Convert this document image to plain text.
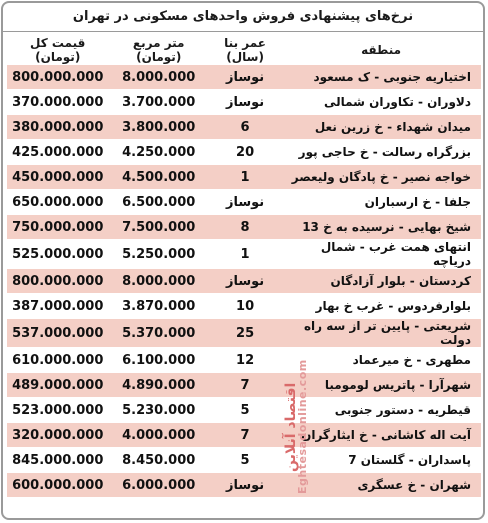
نرخ‌های پیشنهادی فروش واحدهای مسکونی در تهران
قیمت کل (تومان)	متر مربع (تومان)	عمر بنا (سال)	منطقه
800.000.000	8.000.000	نوساز	اختیاریه جنوبی - ک مسعود
370.000.000	3.700.000	نوساز	دلاوران - تکاوران شمالی
380.000.000	3.800.000	6	میدان شهداء - خ زرین نعل
425.000.000	4.250.000	20	بزرگراه رسالت - خ حاجی پور
450.000.000	4.500.000	1	خواجه نصیر - خ پادگان ولیعصر
650.000.000	6.500.000	نوساز	جلفا - خ ارسباران
750.000.000	7.500.000	8	شیخ بهایی - نرسیده به خ 13
525.000.000	5.250.000	1	انتهای همت غرب - شمال دریاچه
800.000.000	8.000.000	نوساز	کردستان - بلوار آزادگان
387.000.000	3.870.000	10	بلوارفردوس - غرب خ بهار
537.000.000	5.370.000	25	شریعتی - پایین تر از سه راه دولت
610.000.000	6.100.000	12	مطهری - خ میرعماد
489.000.000	4.890.000	7	شهرآرا - پاتریس لومومبا
523.000.000	5.230.000	5	قیطریه - دستور جنوبی
320.000.000	4.000.000	7	آیت اله کاشانی - خ ایثارگران
845.000.000	8.450.000	5	پاسداران - گلستان 7
600.000.000	6.000.000	نوساز	شهران - خ عسگری
اقتصاد آنلاین Eghtesadonline.com
